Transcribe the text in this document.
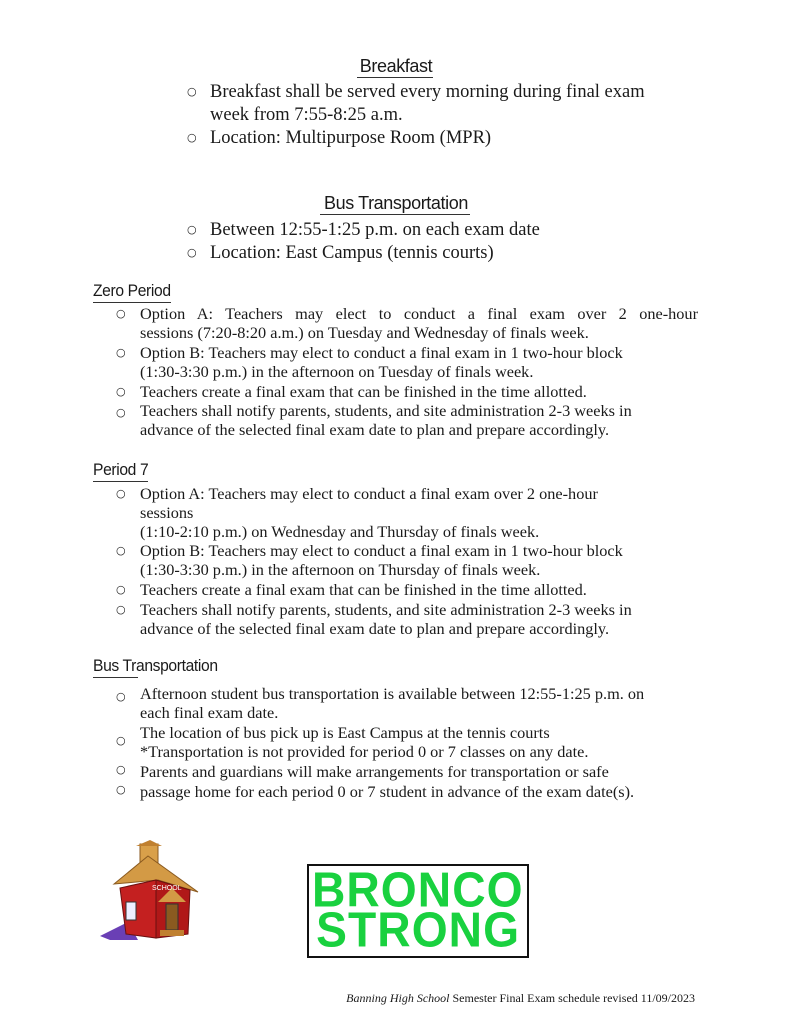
Breakfast
○ Breakfast shall be served every morning during final exam
week from 7:55-8:25 a.m.
○ Location: Multipurpose Room (MPR)
Bus Transportation
○ Between 12:55-1:25 p.m. on each exam date
○ Location: East Campus (tennis courts)
Zero Period
○ Option A: Teachers may elect to conduct a final exam over 2 one-hour
sessions (7:20-8:20 a.m.) on Tuesday and Wednesday of finals week.
○ Option B: Teachers may elect to conduct a final exam in 1 two-hour block
(1:30-3:30 p.m.) in the afternoon on Tuesday of finals week.
○ Teachers create a final exam that can be finished in the time allotted.
○ Teachers shall notify parents, students, and site administration 2-3 weeks in
advance of the selected final exam date to plan and prepare accordingly.
Period 7
○ Option A: Teachers may elect to conduct a final exam over 2 one-hour
sessions
(1:10-2:10 p.m.) on Wednesday and Thursday of finals week.
○ Option B: Teachers may elect to conduct a final exam in 1 two-hour block
(1:30-3:30 p.m.) in the afternoon on Thursday of finals week.
○ Teachers create a final exam that can be finished in the time allotted.
○ Teachers shall notify parents, students, and site administration 2-3 weeks in
advance of the selected final exam date to plan and prepare accordingly.
Bus Transportation
○ Afternoon student bus transportation is available between 12:55-1:25 p.m. on
each final exam date.
○ The location of bus pick up is East Campus at the tennis courts
*Transportation is not provided for period 0 or 7 classes on any date.
○ Parents and guardians will make arrangements for transportation or safe
○ passage home for each period 0 or 7 student in advance of the exam date(s).
SCHOOL	BRONCO
STRONG
Banning High School Semester Final Exam schedule revised 11/09/2023
